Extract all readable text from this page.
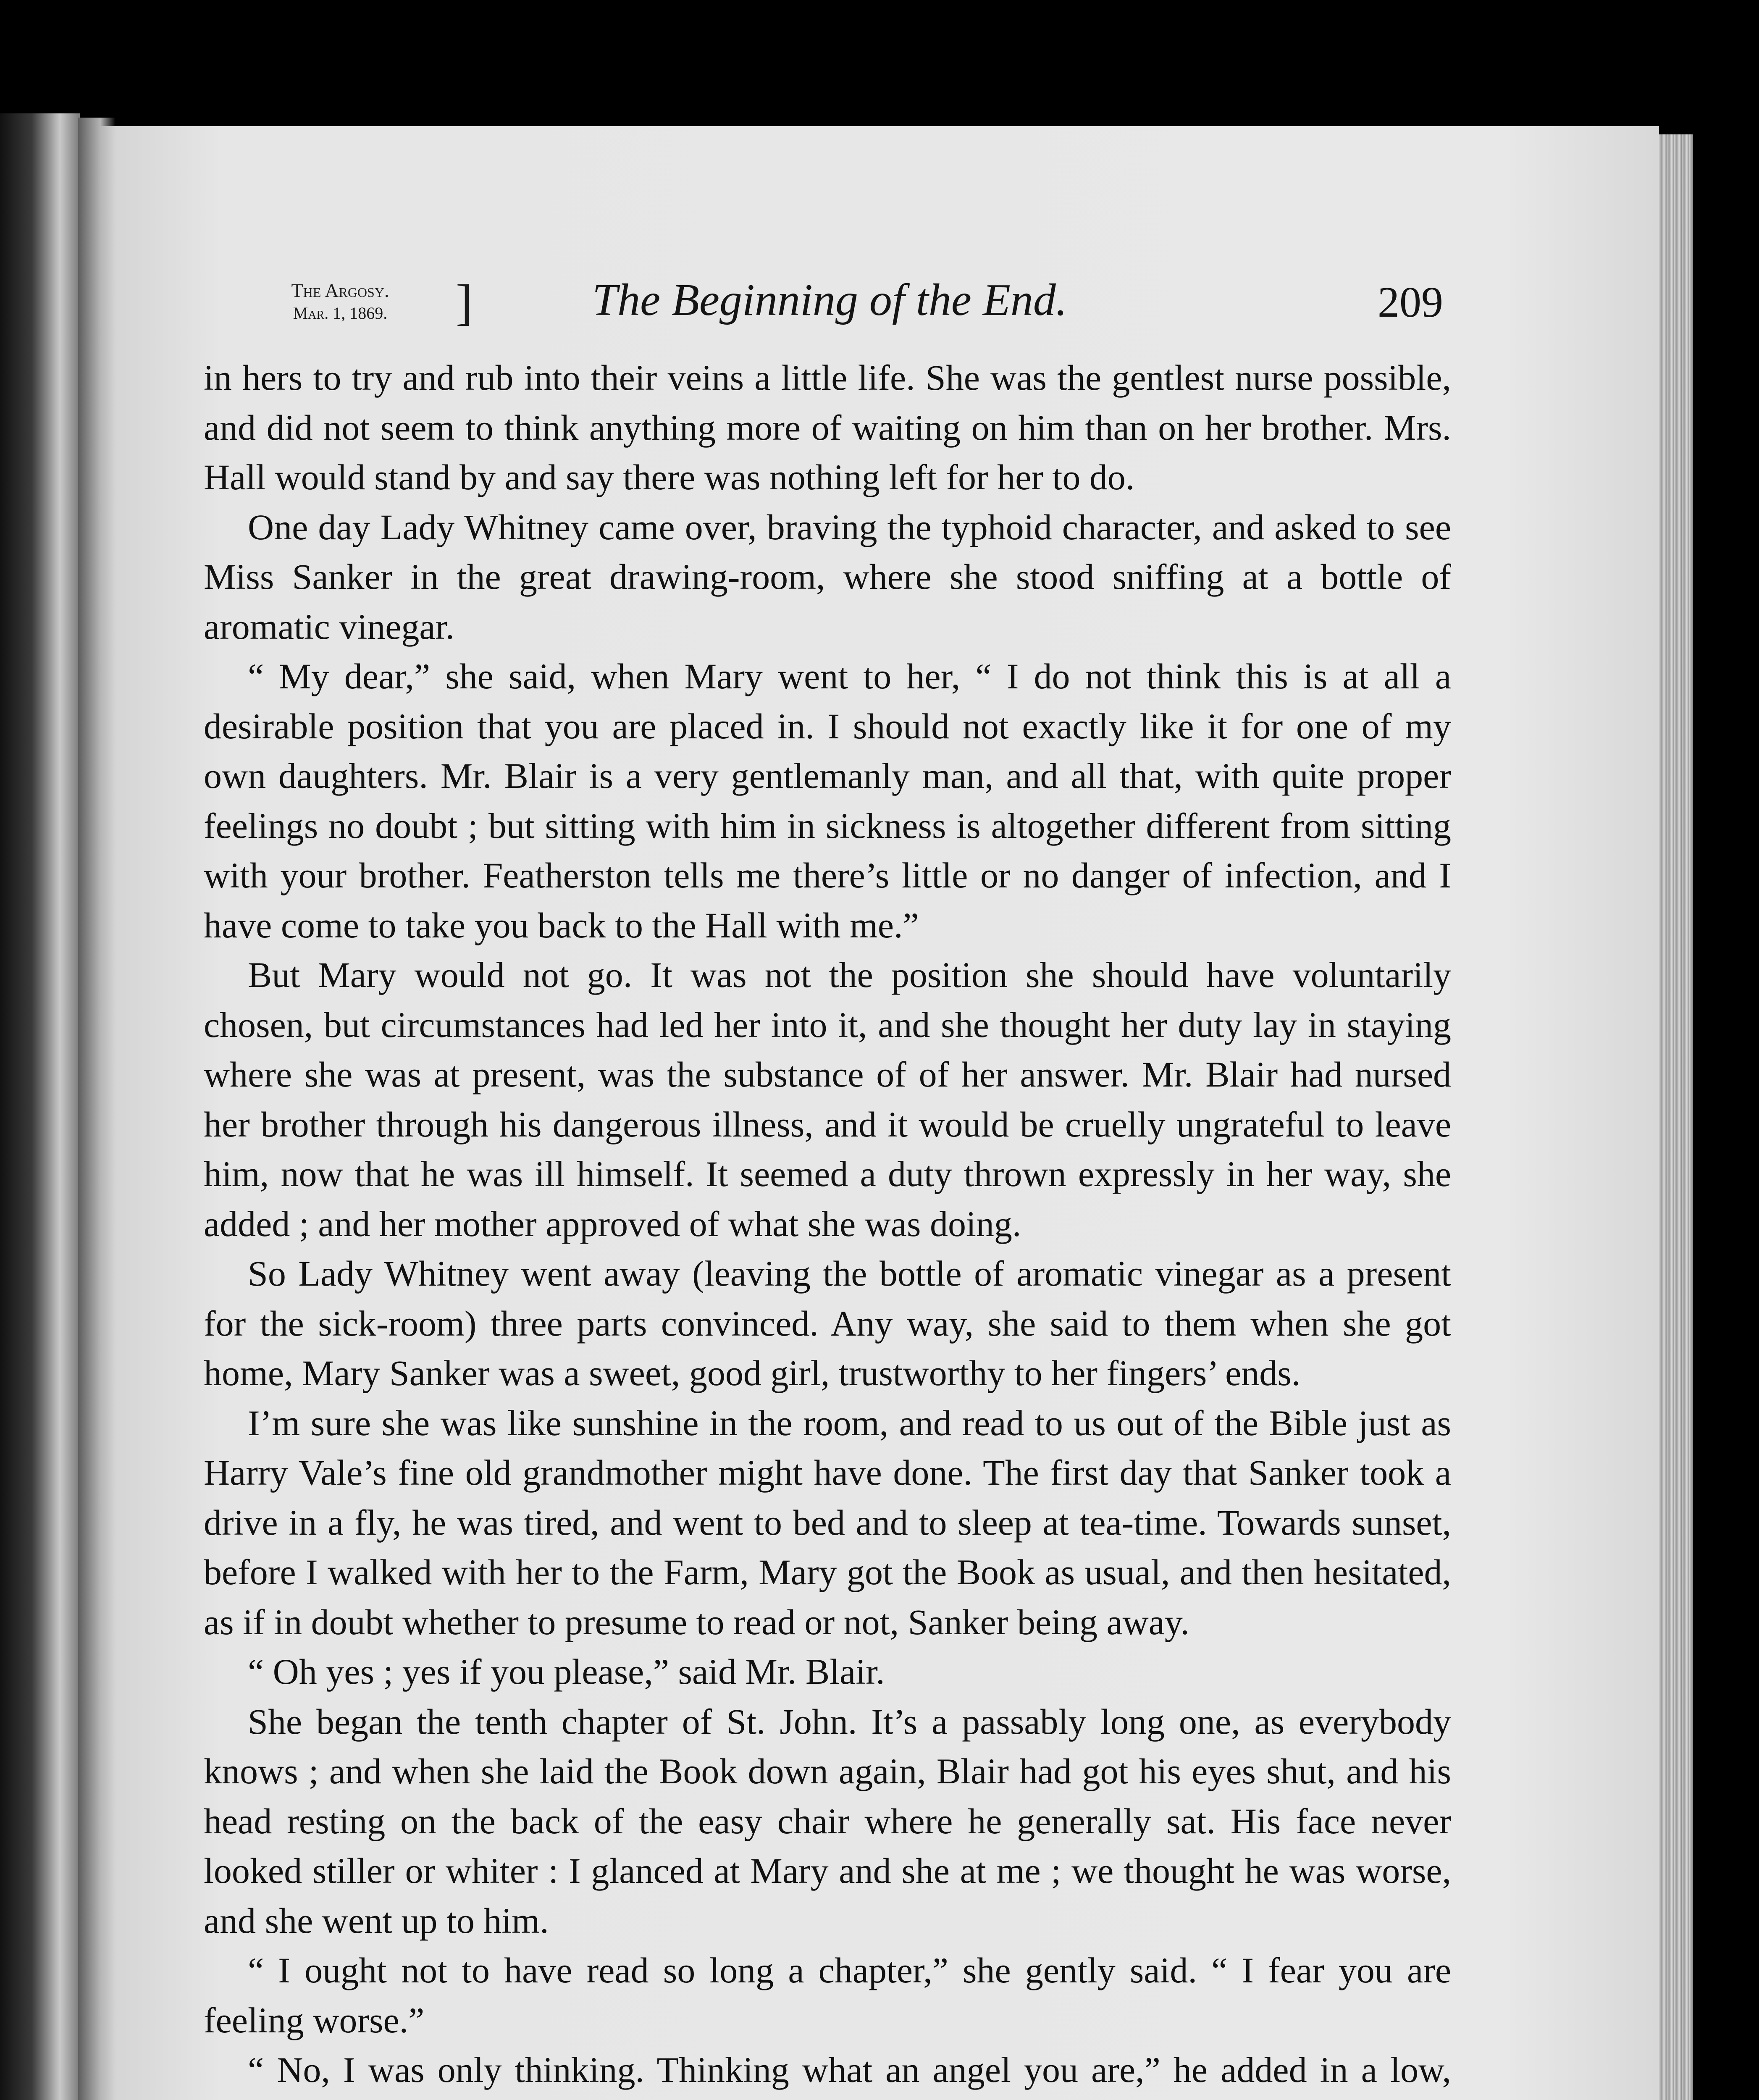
The Argosy.
Mar. 1, 1869.	]	The Beginning of the End.	209

in hers to try and rub into their veins a little life. She was the gentlest nurse possible, and did not seem to think anything more of waiting on him than on her brother. Mrs. Hall would stand by and say there was nothing left for her to do.

One day Lady Whitney came over, braving the typhoid character, and asked to see Miss Sanker in the great drawing-room, where she stood sniffing at a bottle of aromatic vinegar.

“ My dear,” she said, when Mary went to her, “ I do not think this is at all a desirable position that you are placed in. I should not exactly like it for one of my own daughters. Mr. Blair is a very gentlemanly man, and all that, with quite proper feelings no doubt ; but sitting with him in sickness is altogether different from sitting with your brother. Featherston tells me there’s little or no danger of infection, and I have come to take you back to the Hall with me.”

But Mary would not go. It was not the position she should have voluntarily chosen, but circumstances had led her into it, and she thought her duty lay in staying where she was at present, was the substance of of her answer. Mr. Blair had nursed her brother through his dangerous illness, and it would be cruelly ungrateful to leave him, now that he was ill himself. It seemed a duty thrown expressly in her way, she added ; and her mother approved of what she was doing.

So Lady Whitney went away (leaving the bottle of aromatic vinegar as a present for the sick-room) three parts convinced. Any way, she said to them when she got home, Mary Sanker was a sweet, good girl, trustworthy to her fingers’ ends.

I’m sure she was like sunshine in the room, and read to us out of the Bible just as Harry Vale’s fine old grandmother might have done. The first day that Sanker took a drive in a fly, he was tired, and went to bed and to sleep at tea-time. Towards sunset, before I walked with her to the Farm, Mary got the Book as usual, and then hesitated, as if in doubt whether to presume to read or not, Sanker being away.

“ Oh yes ; yes if you please,” said Mr. Blair.

She began the tenth chapter of St. John. It’s a passably long one, as everybody knows ; and when she laid the Book down again, Blair had got his eyes shut, and his head resting on the back of the easy chair where he generally sat. His face never looked stiller or whiter : I glanced at Mary and she at me ; we thought he was worse, and she went up to him.

“ I ought not to have read so long a chapter,” she gently said. “ I fear you are feeling worse.”

“ No, I was only thinking. Thinking what an angel you are,” he added in a low,
